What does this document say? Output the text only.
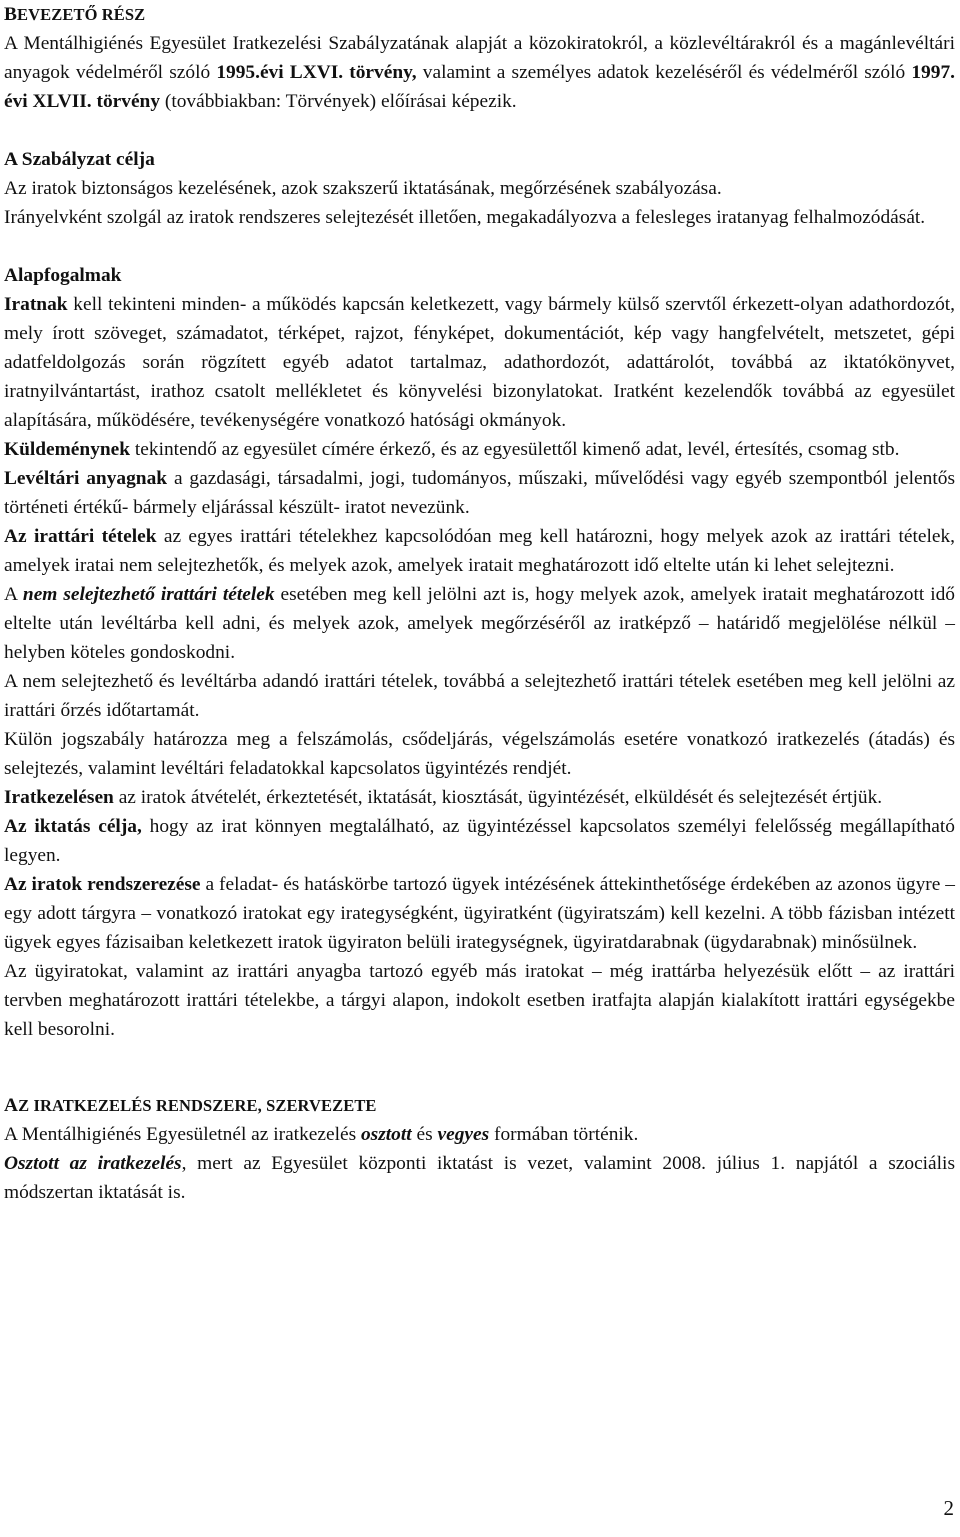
BEVEZETŐ RÉSZ

A Mentálhigiénés Egyesület Iratkezelési Szabályzatának alapját a közokiratokról, a közlevéltárakról és a magánlevéltári anyagok védelméről szóló 1995.évi LXVI. törvény, valamint a személyes adatok kezeléséről és védelméről szóló 1997. évi XLVII. törvény (továbbiakban: Törvények) előírásai képezik.

A Szabályzat célja

Az iratok biztonságos kezelésének, azok szakszerű iktatásának, megőrzésének szabályozása.

Irányelvként szolgál az iratok rendszeres selejtezését illetően, megakadályozva a felesleges iratanyag felhalmozódását.

Alapfogalmak

Iratnak kell tekinteni minden- a működés kapcsán keletkezett, vagy bármely külső szervtől érkezett-olyan adathordozót, mely írott szöveget, számadatot, térképet, rajzot, fényképet, dokumentációt, kép vagy hangfelvételt, metszetet, gépi adatfeldolgozás során rögzített egyéb adatot tartalmaz, adathordozót, adattárolót, továbbá az iktatókönyvet, iratnyilvántartást, irathoz csatolt mellékletet és könyvelési bizonylatokat. Iratként kezelendők továbbá az egyesület alapítására, működésére, tevékenységére vonatkozó hatósági okmányok.

Küldeménynek tekintendő az egyesület címére érkező, és az egyesülettől kimenő adat, levél, értesítés, csomag stb.

Levéltári anyagnak a gazdasági, társadalmi, jogi, tudományos, műszaki, művelődési vagy egyéb szempontból jelentős történeti értékű- bármely eljárással készült- iratot nevezünk.

Az irattári tételek az egyes irattári tételekhez kapcsolódóan meg kell határozni, hogy melyek azok az irattári tételek, amelyek iratai nem selejtezhetők, és melyek azok, amelyek iratait meghatározott idő eltelte után ki lehet selejtezni.

A nem selejtezhető irattári tételek esetében meg kell jelölni azt is, hogy melyek azok, amelyek iratait meghatározott idő eltelte után levéltárba kell adni, és melyek azok, amelyek megőrzéséről az iratképző – határidő megjelölése nélkül – helyben köteles gondoskodni.

A nem selejtezhető és levéltárba adandó irattári tételek, továbbá a selejtezhető irattári tételek esetében meg kell jelölni az irattári őrzés időtartamát.

Külön jogszabály határozza meg a felszámolás, csődeljárás, végelszámolás esetére vonatkozó iratkezelés (átadás) és selejtezés, valamint levéltári feladatokkal kapcsolatos ügyintézés rendjét.

Iratkezelésen az iratok átvételét, érkeztetését, iktatását, kiosztását, ügyintézését, elküldését és selejtezését értjük.

Az iktatás célja, hogy az irat könnyen megtalálható, az ügyintézéssel kapcsolatos személyi felelősség megállapítható legyen.

Az iratok rendszerezése a feladat- és hatáskörbe tartozó ügyek intézésének áttekinthetősége érdekében az azonos ügyre – egy adott tárgyra – vonatkozó iratokat egy irategységként, ügyiratként (ügyiratszám) kell kezelni. A több fázisban intézett ügyek egyes fázisaiban keletkezett iratok ügyiraton belüli irategységnek, ügyiratdarabnak (ügydarabnak) minősülnek.

Az ügyiratokat, valamint az irattári anyagba tartozó egyéb más iratokat – még irattárba helyezésük előtt – az irattári tervben meghatározott irattári tételekbe, a tárgyi alapon, indokolt esetben iratfajta alapján kialakított irattári egységekbe kell besorolni.

AZ IRATKEZELÉS RENDSZERE, SZERVEZETE

A Mentálhigiénés Egyesületnél az iratkezelés osztott és vegyes formában történik.

Osztott az iratkezelés, mert az Egyesület központi iktatást is vezet, valamint 2008. július 1. napjától a szociális módszertan iktatását is.

2
